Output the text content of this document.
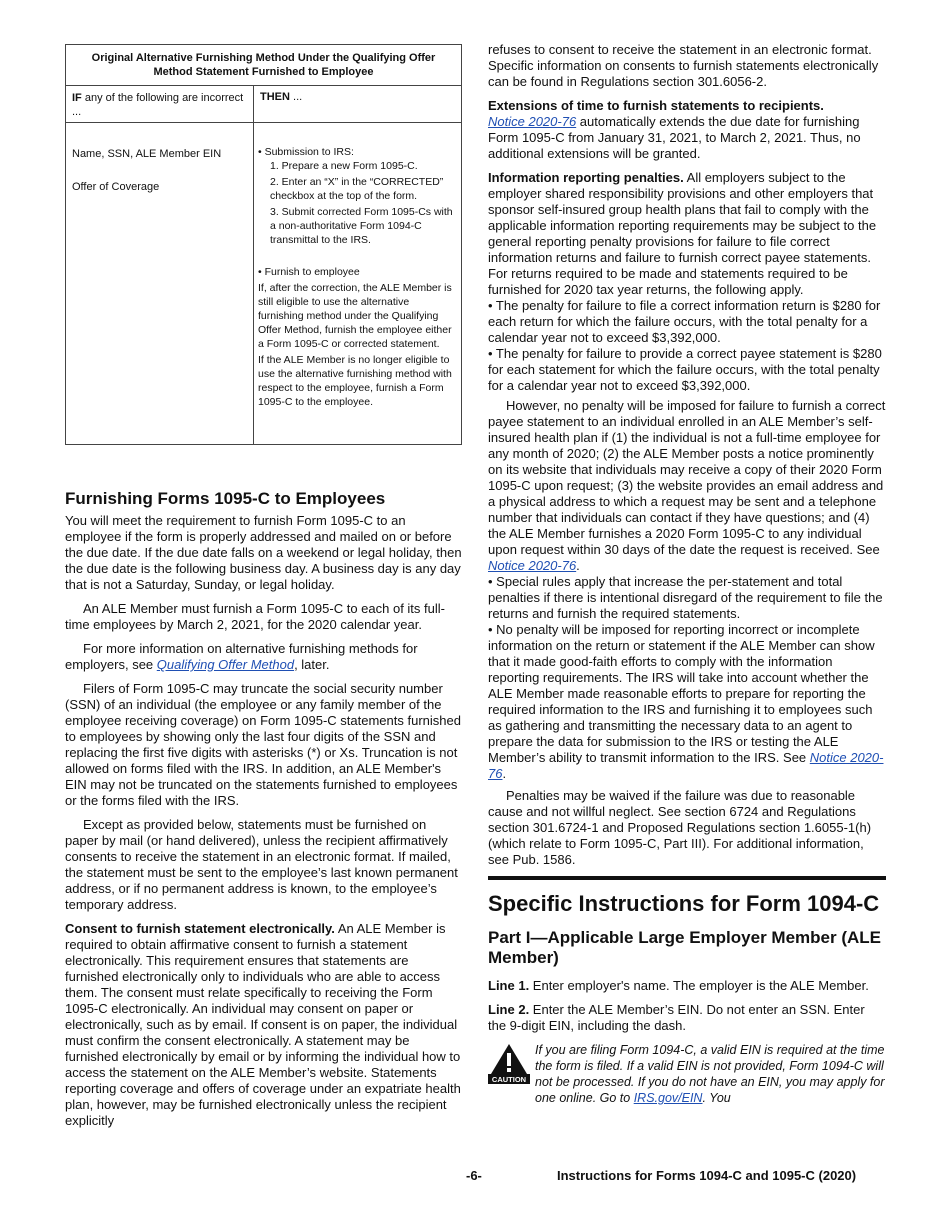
Original Alternative Furnishing Method Under the Qualifying Offer Method Statement Furnished to Employee
IF any of the following are incorrect ...
THEN ...
Name, SSN, ALE Member EIN
Offer of Coverage
• Submission to IRS:
1. Prepare a new Form 1095-C.
2. Enter an “X” in the “CORRECTED” checkbox at the top of the form.
3. Submit corrected Form 1095-Cs with a non-authoritative Form 1094-C transmittal to the IRS.
• Furnish to employee
If, after the correction, the ALE Member is still eligible to use the alternative furnishing method under the Qualifying Offer Method, furnish the employee either a Form 1095-C or corrected statement.
If the ALE Member is no longer eligible to use the alternative furnishing method with respect to the employee, furnish a Form 1095-C to the employee.
Furnishing Forms 1095-C to Employees

You will meet the requirement to furnish Form 1095-C to an employee if the form is properly addressed and mailed on or before the due date. If the due date falls on a weekend or legal holiday, then the due date is the following business day. A business day is any day that is not a Saturday, Sunday, or legal holiday.

An ALE Member must furnish a Form 1095-C to each of its full-time employees by March 2, 2021, for the 2020 calendar year.

For more information on alternative furnishing methods for employers, see Qualifying Offer Method, later.

Filers of Form 1095-C may truncate the social security number (SSN) of an individual (the employee or any family member of the employee receiving coverage) on Form 1095-C statements furnished to employees by showing only the last four digits of the SSN and replacing the first five digits with asterisks (*) or Xs. Truncation is not allowed on forms filed with the IRS. In addition, an ALE Member's EIN may not be truncated on the statements furnished to employees or the forms filed with the IRS.

Except as provided below, statements must be furnished on paper by mail (or hand delivered), unless the recipient affirmatively consents to receive the statement in an electronic format. If mailed, the statement must be sent to the employee’s last known permanent address, or if no permanent address is known, to the employee’s temporary address.

Consent to furnish statement electronically. An ALE Member is required to obtain affirmative consent to furnish a statement electronically. This requirement ensures that statements are furnished electronically only to individuals who are able to access them. The consent must relate specifically to receiving the Form 1095-C electronically. An individual may consent on paper or electronically, such as by email. If consent is on paper, the individual must confirm the consent electronically. A statement may be furnished electronically by email or by informing the individual how to access the statement on the ALE Member’s website. Statements reporting coverage and offers of coverage under an expatriate health plan, however, may be furnished electronically unless the recipient explicitly

refuses to consent to receive the statement in an electronic format. Specific information on consents to furnish statements electronically can be found in Regulations section 301.6056-2.

Extensions of time to furnish statements to recipients.
Notice 2020-76 automatically extends the due date for furnishing Form 1095-C from January 31, 2021, to March 2, 2021. Thus, no additional extensions will be granted.

Information reporting penalties. All employers subject to the employer shared responsibility provisions and other employers that sponsor self-insured group health plans that fail to comply with the applicable information reporting requirements may be subject to the general reporting penalty provisions for failure to file correct information returns and failure to furnish correct payee statements. For returns required to be made and statements required to be furnished for 2020 tax year returns, the following apply.

• The penalty for failure to file a correct information return is $280 for each return for which the failure occurs, with the total penalty for a calendar year not to exceed $3,392,000.

• The penalty for failure to provide a correct payee statement is $280 for each statement for which the failure occurs, with the total penalty for a calendar year not to exceed $3,392,000.

However, no penalty will be imposed for failure to furnish a correct payee statement to an individual enrolled in an ALE Member’s self-insured health plan if (1) the individual is not a full-time employee for any month of 2020; (2) the ALE Member posts a notice prominently on its website that individuals may receive a copy of their 2020 Form 1095-C upon request; (3) the website provides an email address and a physical address to which a request may be sent and a telephone number that individuals can contact if they have questions; and (4) the ALE Member furnishes a 2020 Form 1095-C to any individual upon request within 30 days of the date the request is received. See Notice 2020-76.

• Special rules apply that increase the per-statement and total penalties if there is intentional disregard of the requirement to file the returns and furnish the required statements.

• No penalty will be imposed for reporting incorrect or incomplete information on the return or statement if the ALE Member can show that it made good-faith efforts to comply with the information reporting requirements. The IRS will take into account whether the ALE Member made reasonable efforts to prepare for reporting the required information to the IRS and furnishing it to employees such as gathering and transmitting the necessary data to an agent to prepare the data for submission to the IRS or testing the ALE Member’s ability to transmit information to the IRS. See Notice 2020-76.

Penalties may be waived if the failure was due to reasonable cause and not willful neglect. See section 6724 and Regulations section 301.6724-1 and Proposed Regulations section 1.6055-1(h) (which relate to Form 1095-C, Part III). For additional information, see Pub. 1586.

Specific Instructions for Form 1094-C
Part I—Applicable Large Employer Member (ALE Member)

Line 1. Enter employer's name. The employer is the ALE Member.

Line 2. Enter the ALE Member’s EIN. Do not enter an SSN. Enter the 9-digit EIN, including the dash.

CAUTION
If you are filing Form 1094-C, a valid EIN is required at the time the form is filed. If a valid EIN is not provided, Form 1094-C will not be processed. If you do not have an EIN, you may apply for one online. Go to IRS.gov/EIN. You
-6-	Instructions for Forms 1094-C and 1095-C (2020)
